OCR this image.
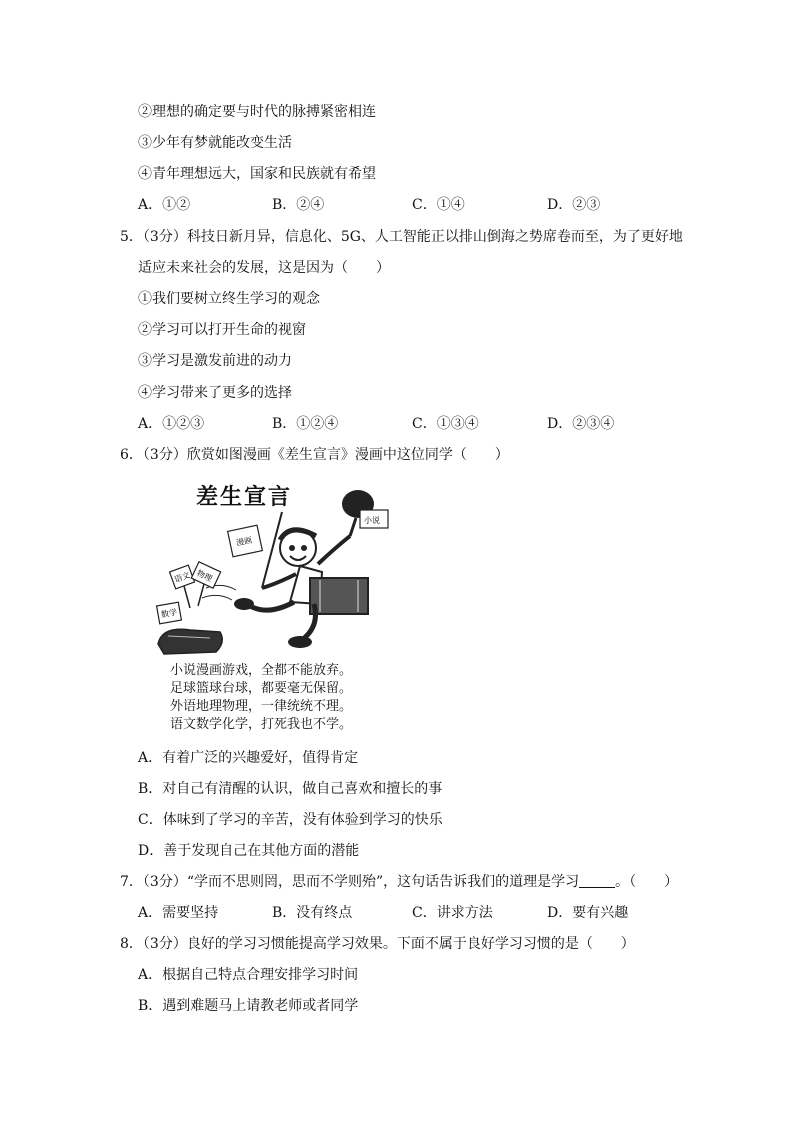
②理想的确定要与时代的脉搏紧密相连
③少年有梦就能改变生活
④青年理想远大，国家和民族就有希望
A．①②	B．②④	C．①④	D．②③
5．（3分）科技日新月异，信息化、5G、人工智能正以排山倒海之势席卷而至，为了更好地
适应未来社会的发展，这是因为（　　）
①我们要树立终生学习的观念
②学习可以打开生命的视窗
③学习是激发前进的动力
④学习带来了更多的选择
A．①②③	B．①②④	C．①③④	D．②③④
6．（3分）欣赏如图漫画《差生宣言》漫画中这位同学（　　）
差生宣言
小说
漫画
语文 物理
数学
小说漫画游戏，全都不能放弃。
足球篮球台球，都要毫无保留。
外语地理物理，一律统统不理。
语文数学化学，打死我也不学。
A．有着广泛的兴趣爱好，值得肯定
B．对自己有清醒的认识，做自己喜欢和擅长的事
C．体味到了学习的辛苦，没有体验到学习的快乐
D．善于发现自己在其他方面的潜能
7．（3分）“学而不思则罔，思而不学则殆”，这句话告诉我们的道理是学习	。（　　）
A．需要坚持	B．没有终点	C．讲求方法	D．要有兴趣
8．（3分）良好的学习习惯能提高学习效果。下面不属于良好学习习惯的是（　　）
A．根据自己特点合理安排学习时间
B．遇到难题马上请教老师或者同学
